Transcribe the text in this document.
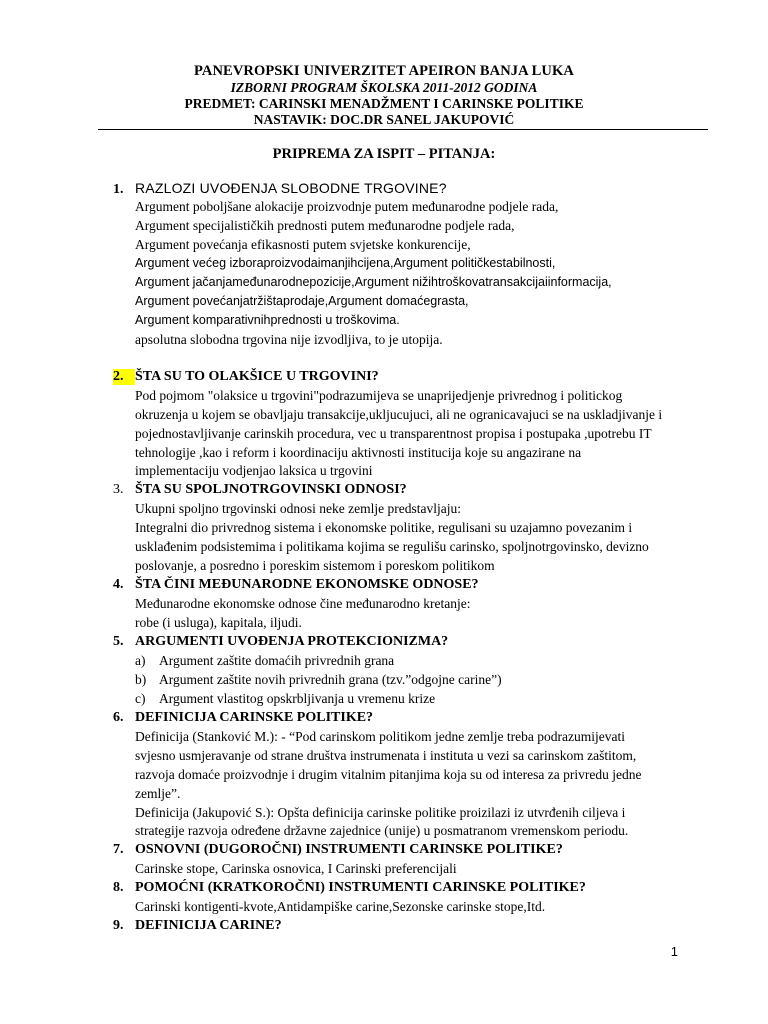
PANEVROPSKI UNIVERZITET APEIRON BANJA LUKA
IZBORNI PROGRAM ŠKOLSKA 2011-2012 GODINA
PREDMET: CARINSKI MENADŽMENT I CARINSKE POLITIKE
NASTAVIK: DOC.DR SANEL JAKUPOVIĆ
PRIPREMA ZA ISPIT – PITANJA:
1. RAZLOZI UVOĐENJA SLOBODNE TRGOVINE?
Argument poboljšane alokacije proizvodnje putem međunarodne podjele rada,
Argument specijalističkih prednosti putem međunarodne podjele rada,
Argument povećanja efikasnosti putem svjetske konkurencije,
Argument većeg izboraproizvodaimanjihcijena,Argument političkestabilnosti,
Argument jačanjamеđunarodnepozicije,Argument nižihtroškovatransakcijaiinformacija,
Argument povećanjatržištaprodaje,Argument domaćegrasta,
Argument komparativnihprednosti u troškovima.
apsolutna slobodna trgovina nije izvodljiva, to je utopija.
2. ŠTA SU TO OLAKŠICE U TRGOVINI?
Pod pojmom "olaksice u trgovini"podrazumijeva se unapriјedjenje privrednog i politickog
okruzenja u kojem se obavljaju transakcije,ukljucujuci, ali ne ogranicavajuci se na uskladjivanje i
pojednostavljivanje carinskih procedura, vec u transparentnost propisa i postupaka ,upotrebu IT
tehnologije ,kao i reform i koordinaciju aktivnosti institucija koje su angazirane na
implementaciju vodjenjao laksica u trgovini
3. ŠTA SU SPOLJNOTRGOVINSKI ODNOSI?
Ukupni spoljno trgovinski odnosi neke zemlje predstavljaju:
Integralni dio privrednog sistema i ekonomske politike, regulisani su uzajamno povezanim i
usklađenim podsistemima i politikama kojima se regulišu carinsko, spoljnotrgovinsko, devizno
poslovanje, a posredno i poreskim sistemom i poreskom politikom
4. ŠTA ČINI MEĐUNARODNE EKONOMSKE ODNOSE?
Međunarodne ekonomske odnose čine međunarodno kretanje:
robe (i usluga), kapitala, iljudi.
5. ARGUMENTI UVOĐENJA PROTEKCIONIZMA?
a) Argument zaštite domaćih privrednih grana
b) Argument zaštite novih privrednih grana (tzv.”odgojne carine”)
c) Argument vlastitog opskrbljivanja u vremenu krize
6. DEFINICIJA CARINSKE POLITIKE?
Definicija (Stanković M.): - “Pod carinskom politikom jedne zemlje treba podrazumijevati
svjesno usmjeravanje od strane društva instrumenata i instituta u vezi sa carinskom zaštitom,
razvoja domaće proizvodnje i drugim vitalnim pitanjima koja su od interesa za privredu jedne
zemlje”.
Definicija (Jakupović S.): Opšta definicija carinske politike proizilazi iz utvrđenih ciljeva i
strategije razvoja određene državne zajednice (unije) u posmatranom vremenskom periodu.
7. OSNOVNI (DUGOROČNI) INSTRUMENTI CARINSKE POLITIKE?
Carinske stope, Carinska osnovica, I Carinski preferencijali
8. POMOĆNI (KRATKOROČNI) INSTRUMENTI CARINSKE POLITIKE?
Carinski kontigenti-kvote,Antidampiške carine,Sezonske carinske stope,Itd.
9. DEFINICIJA CARINE?
1
